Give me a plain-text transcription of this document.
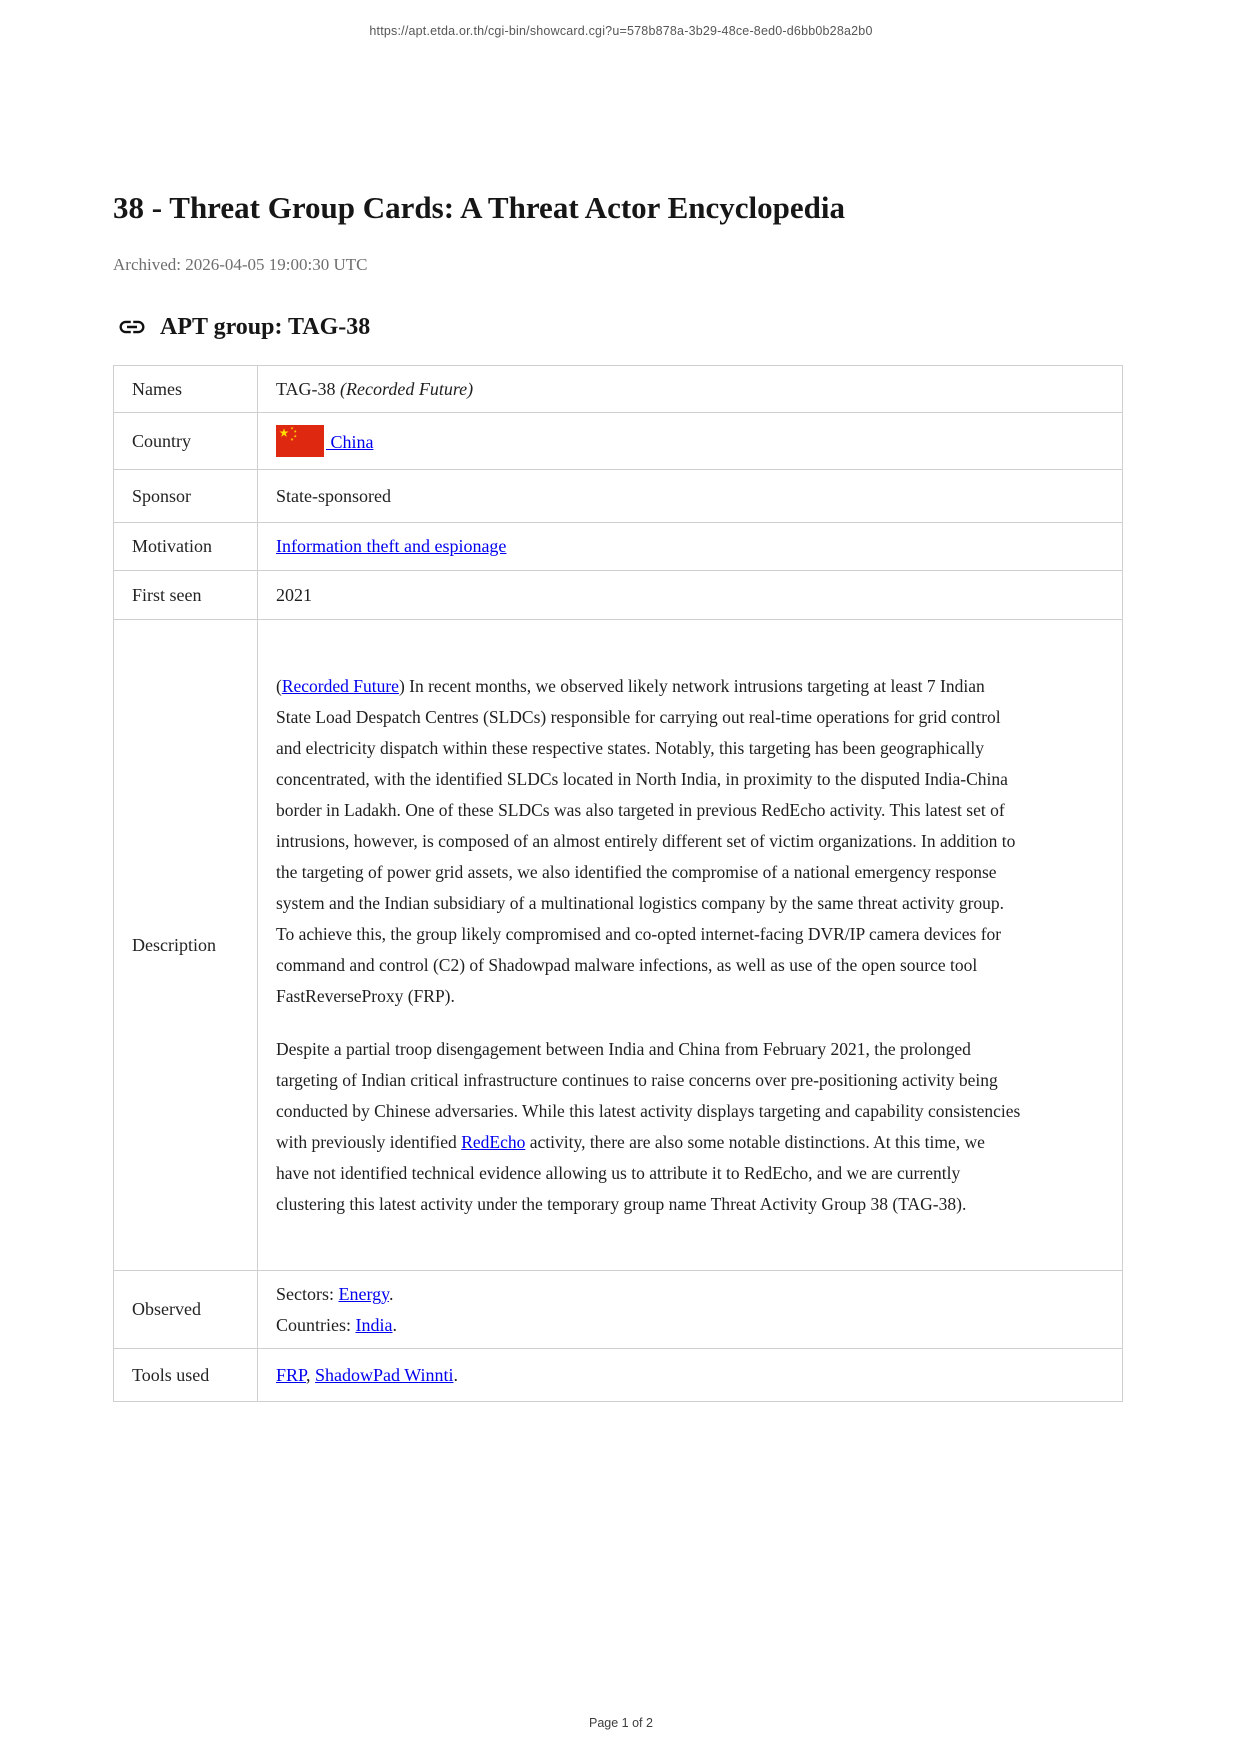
https://apt.etda.or.th/cgi-bin/showcard.cgi?u=578b878a-3b29-48ce-8ed0-d6bb0b28a2b0
38 - Threat Group Cards: A Threat Actor Encyclopedia
Archived: 2026-04-05 19:00:30 UTC
APT group: TAG-38
Names	TAG-38 (Recorded Future)
Country	China
Sponsor	State-sponsored
Motivation	Information theft and espionage
First seen	2021
Description	(Recorded Future) In recent months, we observed likely network intrusions targeting at least 7 Indian State Load Despatch Centres (SLDCs) responsible for carrying out real-time operations for grid control and electricity dispatch within these respective states. Notably, this targeting has been geographically concentrated, with the identified SLDCs located in North India, in proximity to the disputed India-China border in Ladakh. One of these SLDCs was also targeted in previous RedEcho activity. This latest set of intrusions, however, is composed of an almost entirely different set of victim organizations. In addition to the targeting of power grid assets, we also identified the compromise of a national emergency response system and the Indian subsidiary of a multinational logistics company by the same threat activity group. To achieve this, the group likely compromised and co-opted internet-facing DVR/IP camera devices for command and control (C2) of Shadowpad malware infections, as well as use of the open source tool FastReverseProxy (FRP).

Despite a partial troop disengagement between India and China from February 2021, the prolonged targeting of Indian critical infrastructure continues to raise concerns over pre-positioning activity being conducted by Chinese adversaries. While this latest activity displays targeting and capability consistencies with previously identified RedEcho activity, there are also some notable distinctions. At this time, we have not identified technical evidence allowing us to attribute it to RedEcho, and we are currently clustering this latest activity under the temporary group name Threat Activity Group 38 (TAG-38).

Observed	Sectors: Energy.
Countries: India.

Tools used	FRP, ShadowPad Winnti.
Page 1 of 2
